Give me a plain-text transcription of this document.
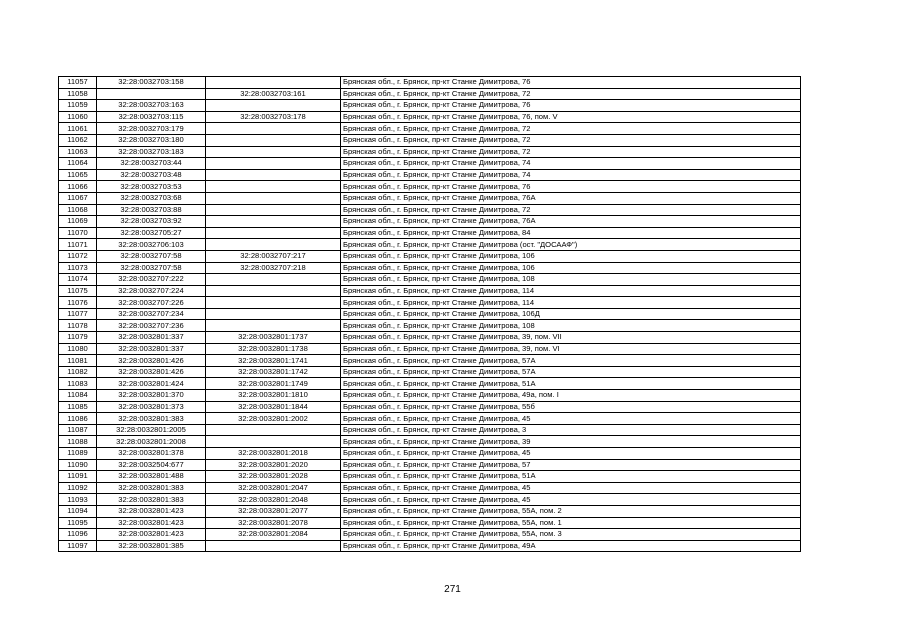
11057	32:28:0032703:158		Брянская обл., г. Брянск, пр-кт Станке Димитрова, 76
11058		32:28:0032703:161	Брянская обл., г. Брянск, пр-кт Станке Димитрова, 72
11059	32:28:0032703:163		Брянская обл., г. Брянск, пр-кт Станке Димитрова, 76
11060	32:28:0032703:115	32:28:0032703:178	Брянская обл., г. Брянск, пр-кт Станке Димитрова, 76, пом. V
11061	32:28:0032703:179		Брянская обл., г. Брянск, пр-кт Станке Димитрова, 72
11062	32:28:0032703:180		Брянская обл., г. Брянск, пр-кт Станке Димитрова, 72
11063	32:28:0032703:183		Брянская обл., г. Брянск, пр-кт Станке Димитрова, 72
11064	32:28:0032703:44		Брянская обл., г. Брянск, пр-кт Станке Димитрова, 74
11065	32:28:0032703:48		Брянская обл., г. Брянск, пр-кт Станке Димитрова, 74
11066	32:28:0032703:53		Брянская обл., г. Брянск, пр-кт Станке Димитрова, 76
11067	32:28:0032703:68		Брянская обл., г. Брянск, пр-кт Станке Димитрова, 76А
11068	32:28:0032703:88		Брянская обл., г. Брянск, пр-кт Станке Димитрова, 72
11069	32:28:0032703:92		Брянская обл., г. Брянск, пр-кт Станке Димитрова, 76А
11070	32:28:0032705:27		Брянская обл., г. Брянск, пр-кт Станке Димитрова, 84
11071	32:28:0032706:103		Брянская обл., г. Брянск, пр-кт Станке Димитрова (ост. "ДОСААФ")
11072	32:28:0032707:58	32:28:0032707:217	Брянская обл., г. Брянск, пр-кт Станке Димитрова, 106
11073	32:28:0032707:58	32:28:0032707:218	Брянская обл., г. Брянск, пр-кт Станке Димитрова, 106
11074	32:28:0032707:222		Брянская обл., г. Брянск, пр-кт Станке Димитрова, 108
11075	32:28:0032707:224		Брянская обл., г. Брянск, пр-кт Станке Димитрова, 114
11076	32:28:0032707:226		Брянская обл., г. Брянск, пр-кт Станке Димитрова, 114
11077	32:28:0032707:234		Брянская обл., г. Брянск, пр-кт Станке Димитрова, 106Д
11078	32:28:0032707:236		Брянская обл., г. Брянск, пр-кт Станке Димитрова, 108
11079	32:28:0032801:337	32:28:0032801:1737	Брянская обл., г. Брянск, пр-кт Станке Димитрова, 39, пом. VII
11080	32:28:0032801:337	32:28:0032801:1738	Брянская обл., г. Брянск, пр-кт Станке Димитрова, 39, пом. VI
11081	32:28:0032801:426	32:28:0032801:1741	Брянская обл., г. Брянск, пр-кт Станке Димитрова, 57А
11082	32:28:0032801:426	32:28:0032801:1742	Брянская обл., г. Брянск, пр-кт Станке Димитрова, 57А
11083	32:28:0032801:424	32:28:0032801:1749	Брянская обл., г. Брянск, пр-кт Станке Димитрова, 51А
11084	32:28:0032801:370	32:28:0032801:1810	Брянская обл., г. Брянск, пр-кт Станке Димитрова, 49а, пом. I
11085	32:28:0032801:373	32:28:0032801:1844	Брянская обл., г. Брянск, пр-кт Станке Димитрова, 55б
11086	32:28:0032801:383	32:28:0032801:2002	Брянская обл., г. Брянск, пр-кт Станке Димитрова, 45
11087	32:28:0032801:2005		Брянская обл., г. Брянск, пр-кт Станке Димитрова, 3
11088	32:28:0032801:2008		Брянская обл., г. Брянск, пр-кт Станке Димитрова, 39
11089	32:28:0032801:378	32:28:0032801:2018	Брянская обл., г. Брянск, пр-кт Станке Димитрова, 45
11090	32:28:0032504:677	32:28:0032801:2020	Брянская обл., г. Брянск, пр-кт Станке Димитрова, 57
11091	32:28:0032801:488	32:28:0032801:2028	Брянская обл., г. Брянск, пр-кт Станке Димитрова, 51А
11092	32:28:0032801:383	32:28:0032801:2047	Брянская обл., г. Брянск, пр-кт Станке Димитрова, 45
11093	32:28:0032801:383	32:28:0032801:2048	Брянская обл., г. Брянск, пр-кт Станке Димитрова, 45
11094	32:28:0032801:423	32:28:0032801:2077	Брянская обл., г. Брянск, пр-кт Станке Димитрова, 55А, пом. 2
11095	32:28:0032801:423	32:28:0032801:2078	Брянская обл., г. Брянск, пр-кт Станке Димитрова, 55А, пом. 1
11096	32:28:0032801:423	32:28:0032801:2084	Брянская обл., г. Брянск, пр-кт Станке Димитрова, 55А, пом. 3
11097	32:28:0032801:385		Брянская обл., г. Брянск, пр-кт Станке Димитрова, 49А
271
